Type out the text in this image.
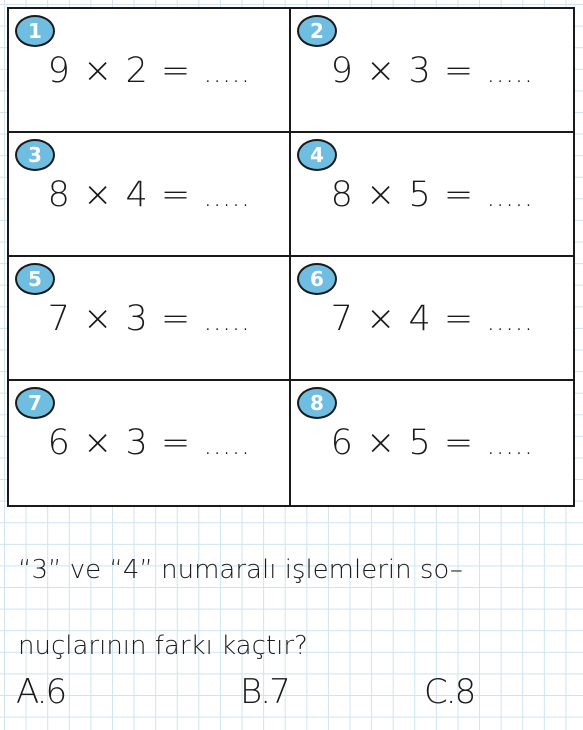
1
9 × 2 = .....
2
9 × 3 = .....
3
8 × 4 = .....
4
8 × 5 = .....
5
7 × 3 = .....
6
7 × 4 = .....
7
6 × 3 = .....
8
6 × 5 = .....
“3” ve “4” numaralı işlemlerin so–
nuçlarının farkı kaçtır?
A.6	B.7	C.8
